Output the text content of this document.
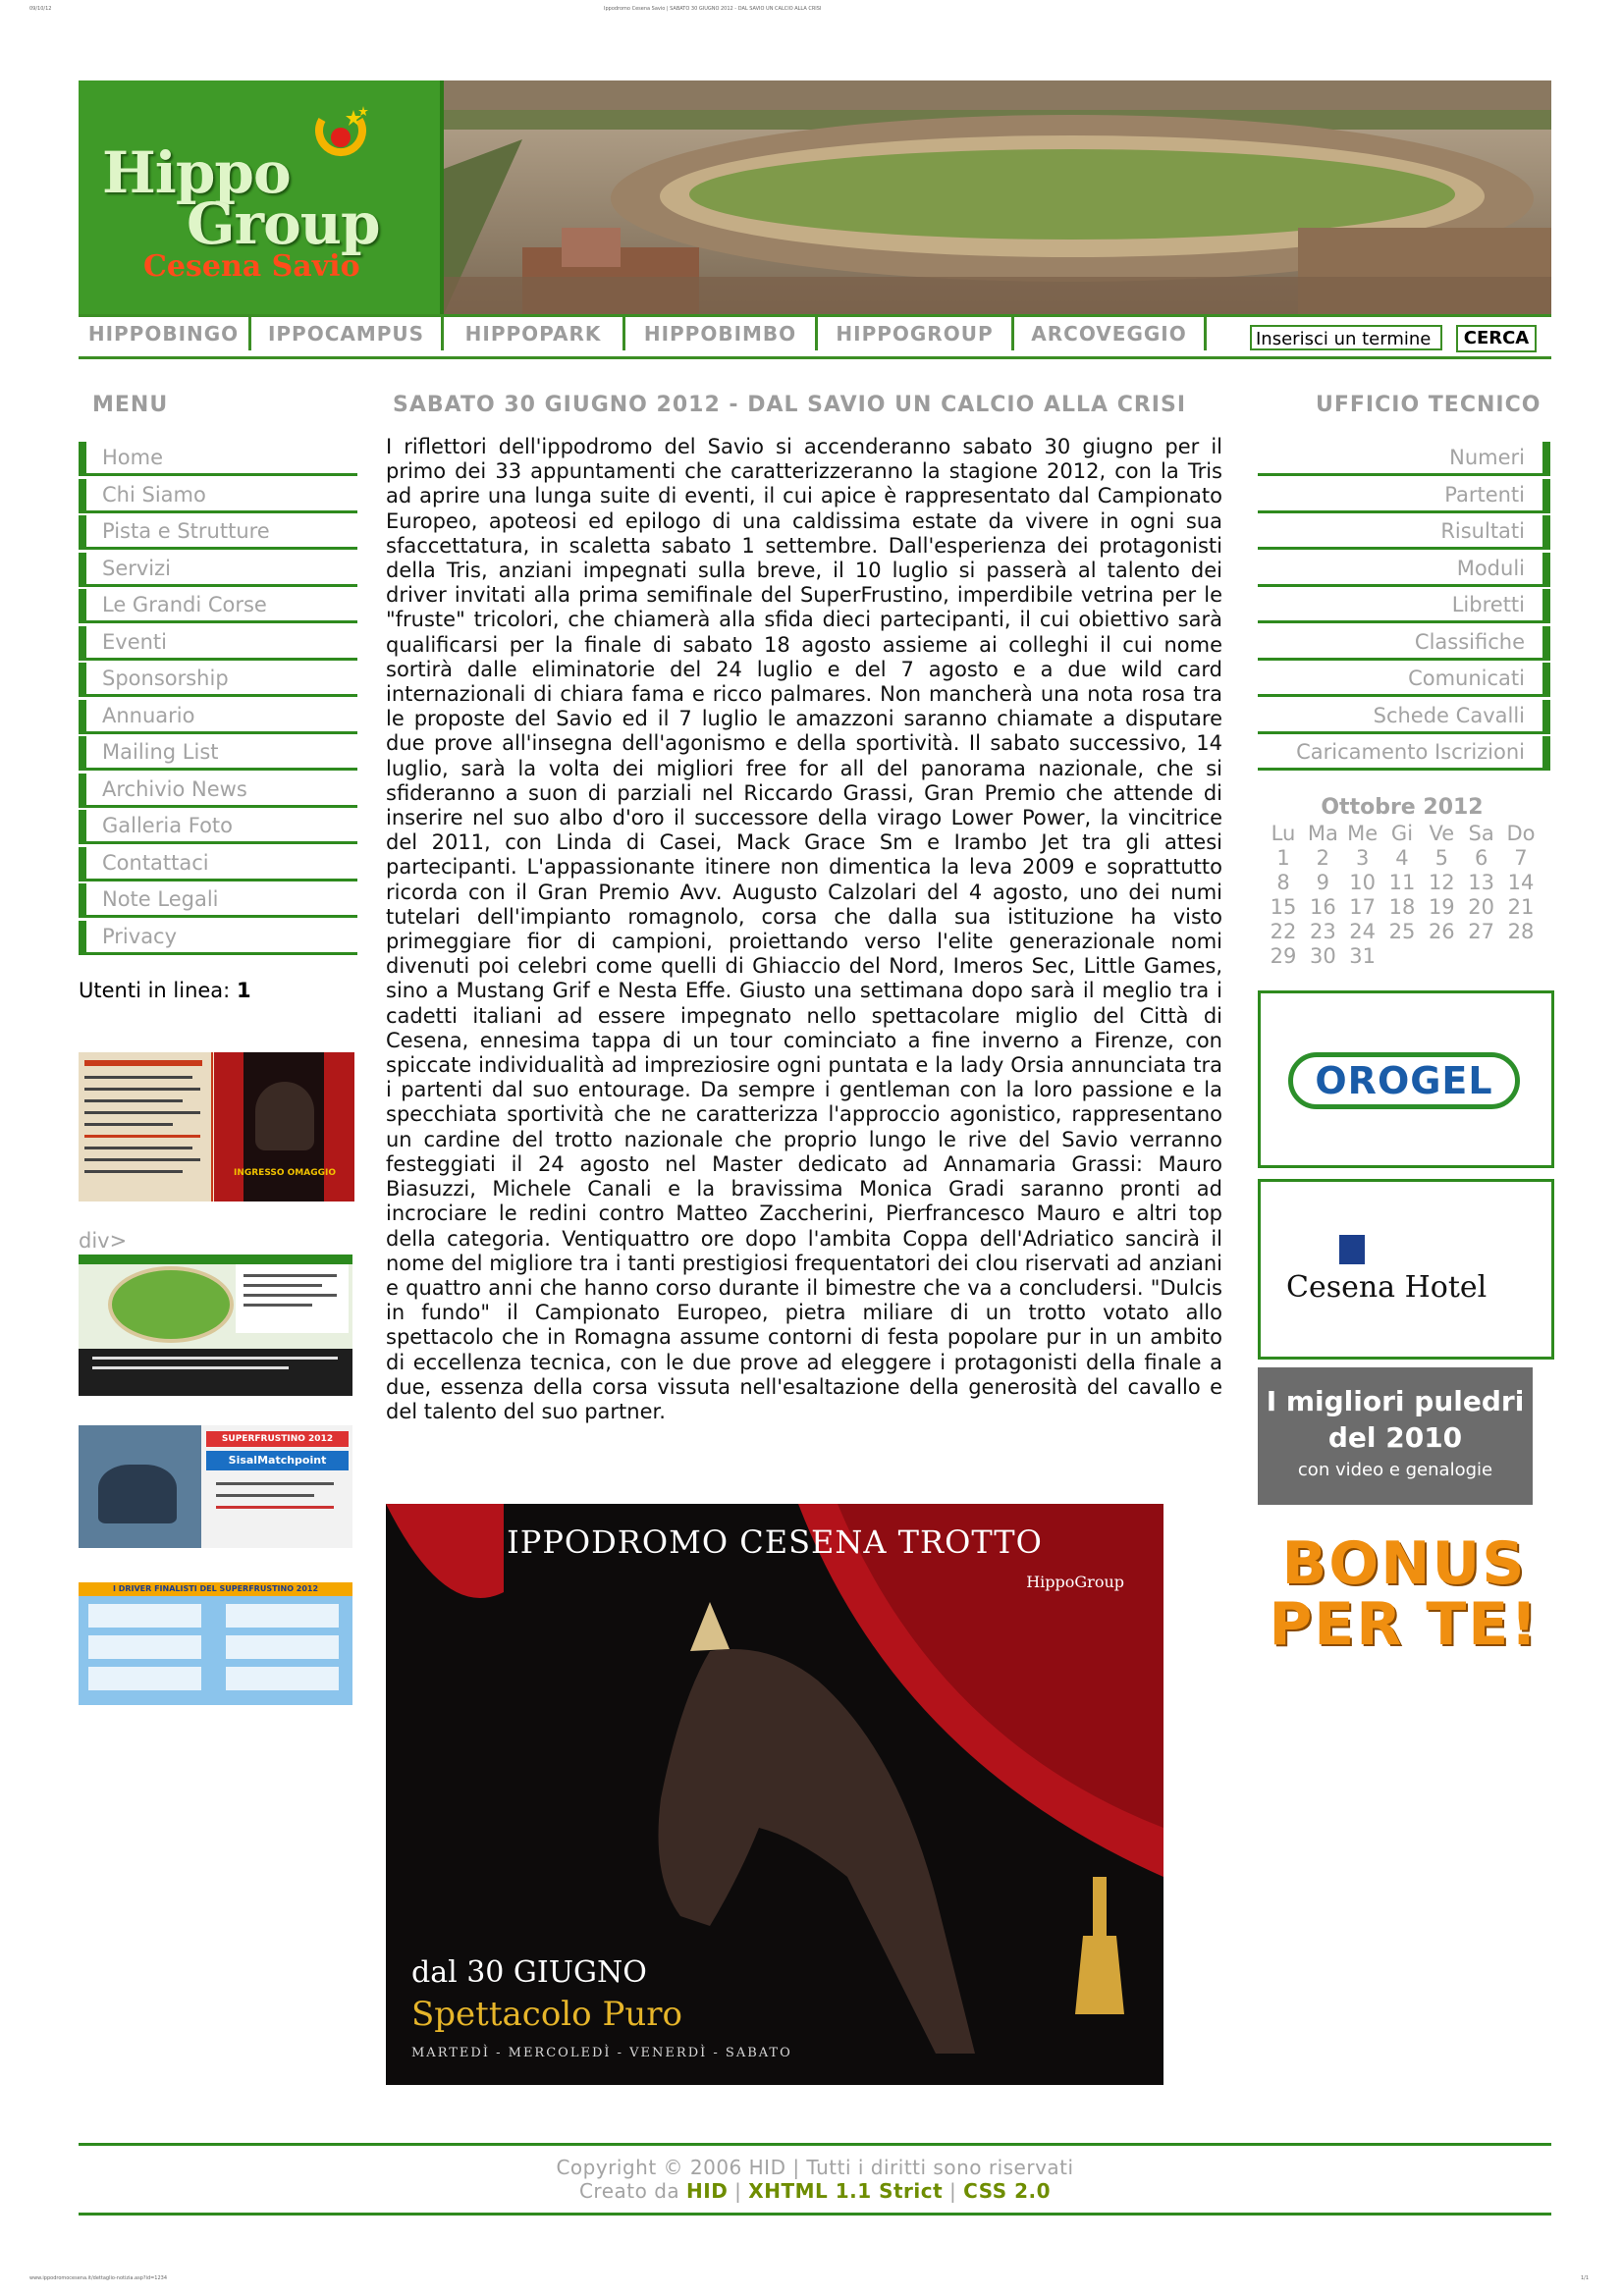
09/10/12	Ippodromo Cesena Savio | SABATO 30 GIUGNO 2012 - DAL SAVIO UN CALCIO ALLA CRISI
www.ippodromocesena.it/dettaglio-notizia.asp?id=1234	1/1
Hippo
Group
Cesena Savio
HIPPOBINGO	IPPOCAMPUS	HIPPOPARK	HIPPOBIMBO	HIPPOGROUP	ARCOVEGGIO	Inserisci un termine	CERCA
MENU	SABATO 30 GIUGNO 2012 - DAL SAVIO UN CALCIO ALLA CRISI	UFFICIO TECNICO
Home
Chi Siamo
Pista e Strutture
Servizi
Le Grandi Corse
Eventi
Sponsorship
Annuario
Mailing List
Archivio News
Galleria Foto
Contattaci
Note Legali
Privacy
Utenti in linea: 1
INGRESSO OMAGGIO
div>
SUPERFRUSTINO 2012
SisalMatchpoint
I DRIVER FINALISTI DEL SUPERFRUSTINO 2012
I riflettori dell'ippodromo del Savio si accenderanno sabato 30 giugno per il primo dei 33 appuntamenti che caratterizzeranno la stagione 2012, con la Tris ad aprire una lunga suite di eventi, il cui apice è rappresentato dal Campionato Europeo, apoteosi ed epilogo di una caldissima estate da vivere in ogni sua sfaccettatura, in scaletta sabato 1 settembre. Dall'esperienza dei protagonisti della Tris, anziani impegnati sulla breve, il 10 luglio si passerà al talento dei driver invitati alla prima semifinale del SuperFrustino, imperdibile vetrina per le "fruste" tricolori, che chiamerà alla sfida dieci partecipanti, il cui obiettivo sarà qualificarsi per la finale di sabato 18 agosto assieme ai colleghi il cui nome sortirà dalle eliminatorie del 24 luglio e del 7 agosto e a due wild card internazionali di chiara fama e ricco palmares. Non mancherà una nota rosa tra le proposte del Savio ed il 7 luglio le amazzoni saranno chiamate a disputare due prove all'insegna dell'agonismo e della sportività. Il sabato successivo, 14 luglio, sarà la volta dei migliori free for all del panorama nazionale, che si sfideranno a suon di parziali nel Riccardo Grassi, Gran Premio che attende di inserire nel suo albo d'oro il successore della virago Lower Power, la vincitrice del 2011, con Linda di Casei, Mack Grace Sm e Irambo Jet tra gli attesi partecipanti. L'appassionante itinere non dimentica la leva 2009 e soprattutto ricorda con il Gran Premio Avv. Augusto Calzolari del 4 agosto, uno dei numi tutelari dell'impianto romagnolo, corsa che dalla sua istituzione ha visto primeggiare fior di campioni, proiettando verso l'elite generazionale nomi divenuti poi celebri come quelli di Ghiaccio del Nord, Imeros Sec, Little Games, sino a Mustang Grif e Nesta Effe. Giusto una settimana dopo sarà il meglio tra i cadetti italiani ad essere impegnato nello spettacolare miglio del Città di Cesena, ennesima tappa di un tour cominciato a fine inverno a Firenze, con spiccate individualità ad impreziosire ogni puntata e la lady Orsia annunciata tra i partenti dal suo entourage. Da sempre i gentleman con la loro passione e la specchiata sportività che ne caratterizza l'approccio agonistico, rappresentano un cardine del trotto nazionale che proprio lungo le rive del Savio verranno festeggiati il 24 agosto nel Master dedicato ad Annamaria Grassi: Mauro Biasuzzi, Michele Canali e la bravissima Monica Gradi saranno pronti ad incrociare le redini contro Matteo Zaccherini, Pierfrancesco Mauro e altri top della categoria. Ventiquattro ore dopo l'ambita Coppa dell'Adriatico sancirà il nome del migliore tra i tanti prestigiosi frequentatori dei clou riservati ad anziani e quattro anni che hanno corso durante il bimestre che va a concludersi. "Dulcis in fundo" il Campionato Europeo, pietra miliare di un trotto votato allo spettacolo che in Romagna assume contorni di festa popolare pur in un ambito di eccellenza tecnica, con le due prove ad eleggere i protagonisti della finale a due, essenza della corsa vissuta nell'esaltazione della generosità del cavallo e del talento del suo partner.
IPPODROMO CESENA TROTTO
HippoGroup
dal 30 GIUGNO
Spettacolo Puro
MARTEDÌ - MERCOLEDÌ - VENERDÌ - SABATO
Numeri
Partenti
Risultati
Moduli
Libretti
Classifiche
Comunicati
Schede Cavalli
Caricamento Iscrizioni
Ottobre 2012
Lu Ma Me Gi Ve Sa Do
1	2	3	4	5	6	7
8	9 10 11 12 13 14
15 16 17 18 19 20 21
22 23 24 25 26 27 28
29 30 31
OROGEL
Cesena Hotel
I migliori puledri
del 2010
con video e genalogie
BONUS
PER TE!
Copyright © 2006 HID | Tutti i diritti sono riservati
Creato da HID | XHTML 1.1 Strict | CSS 2.0
